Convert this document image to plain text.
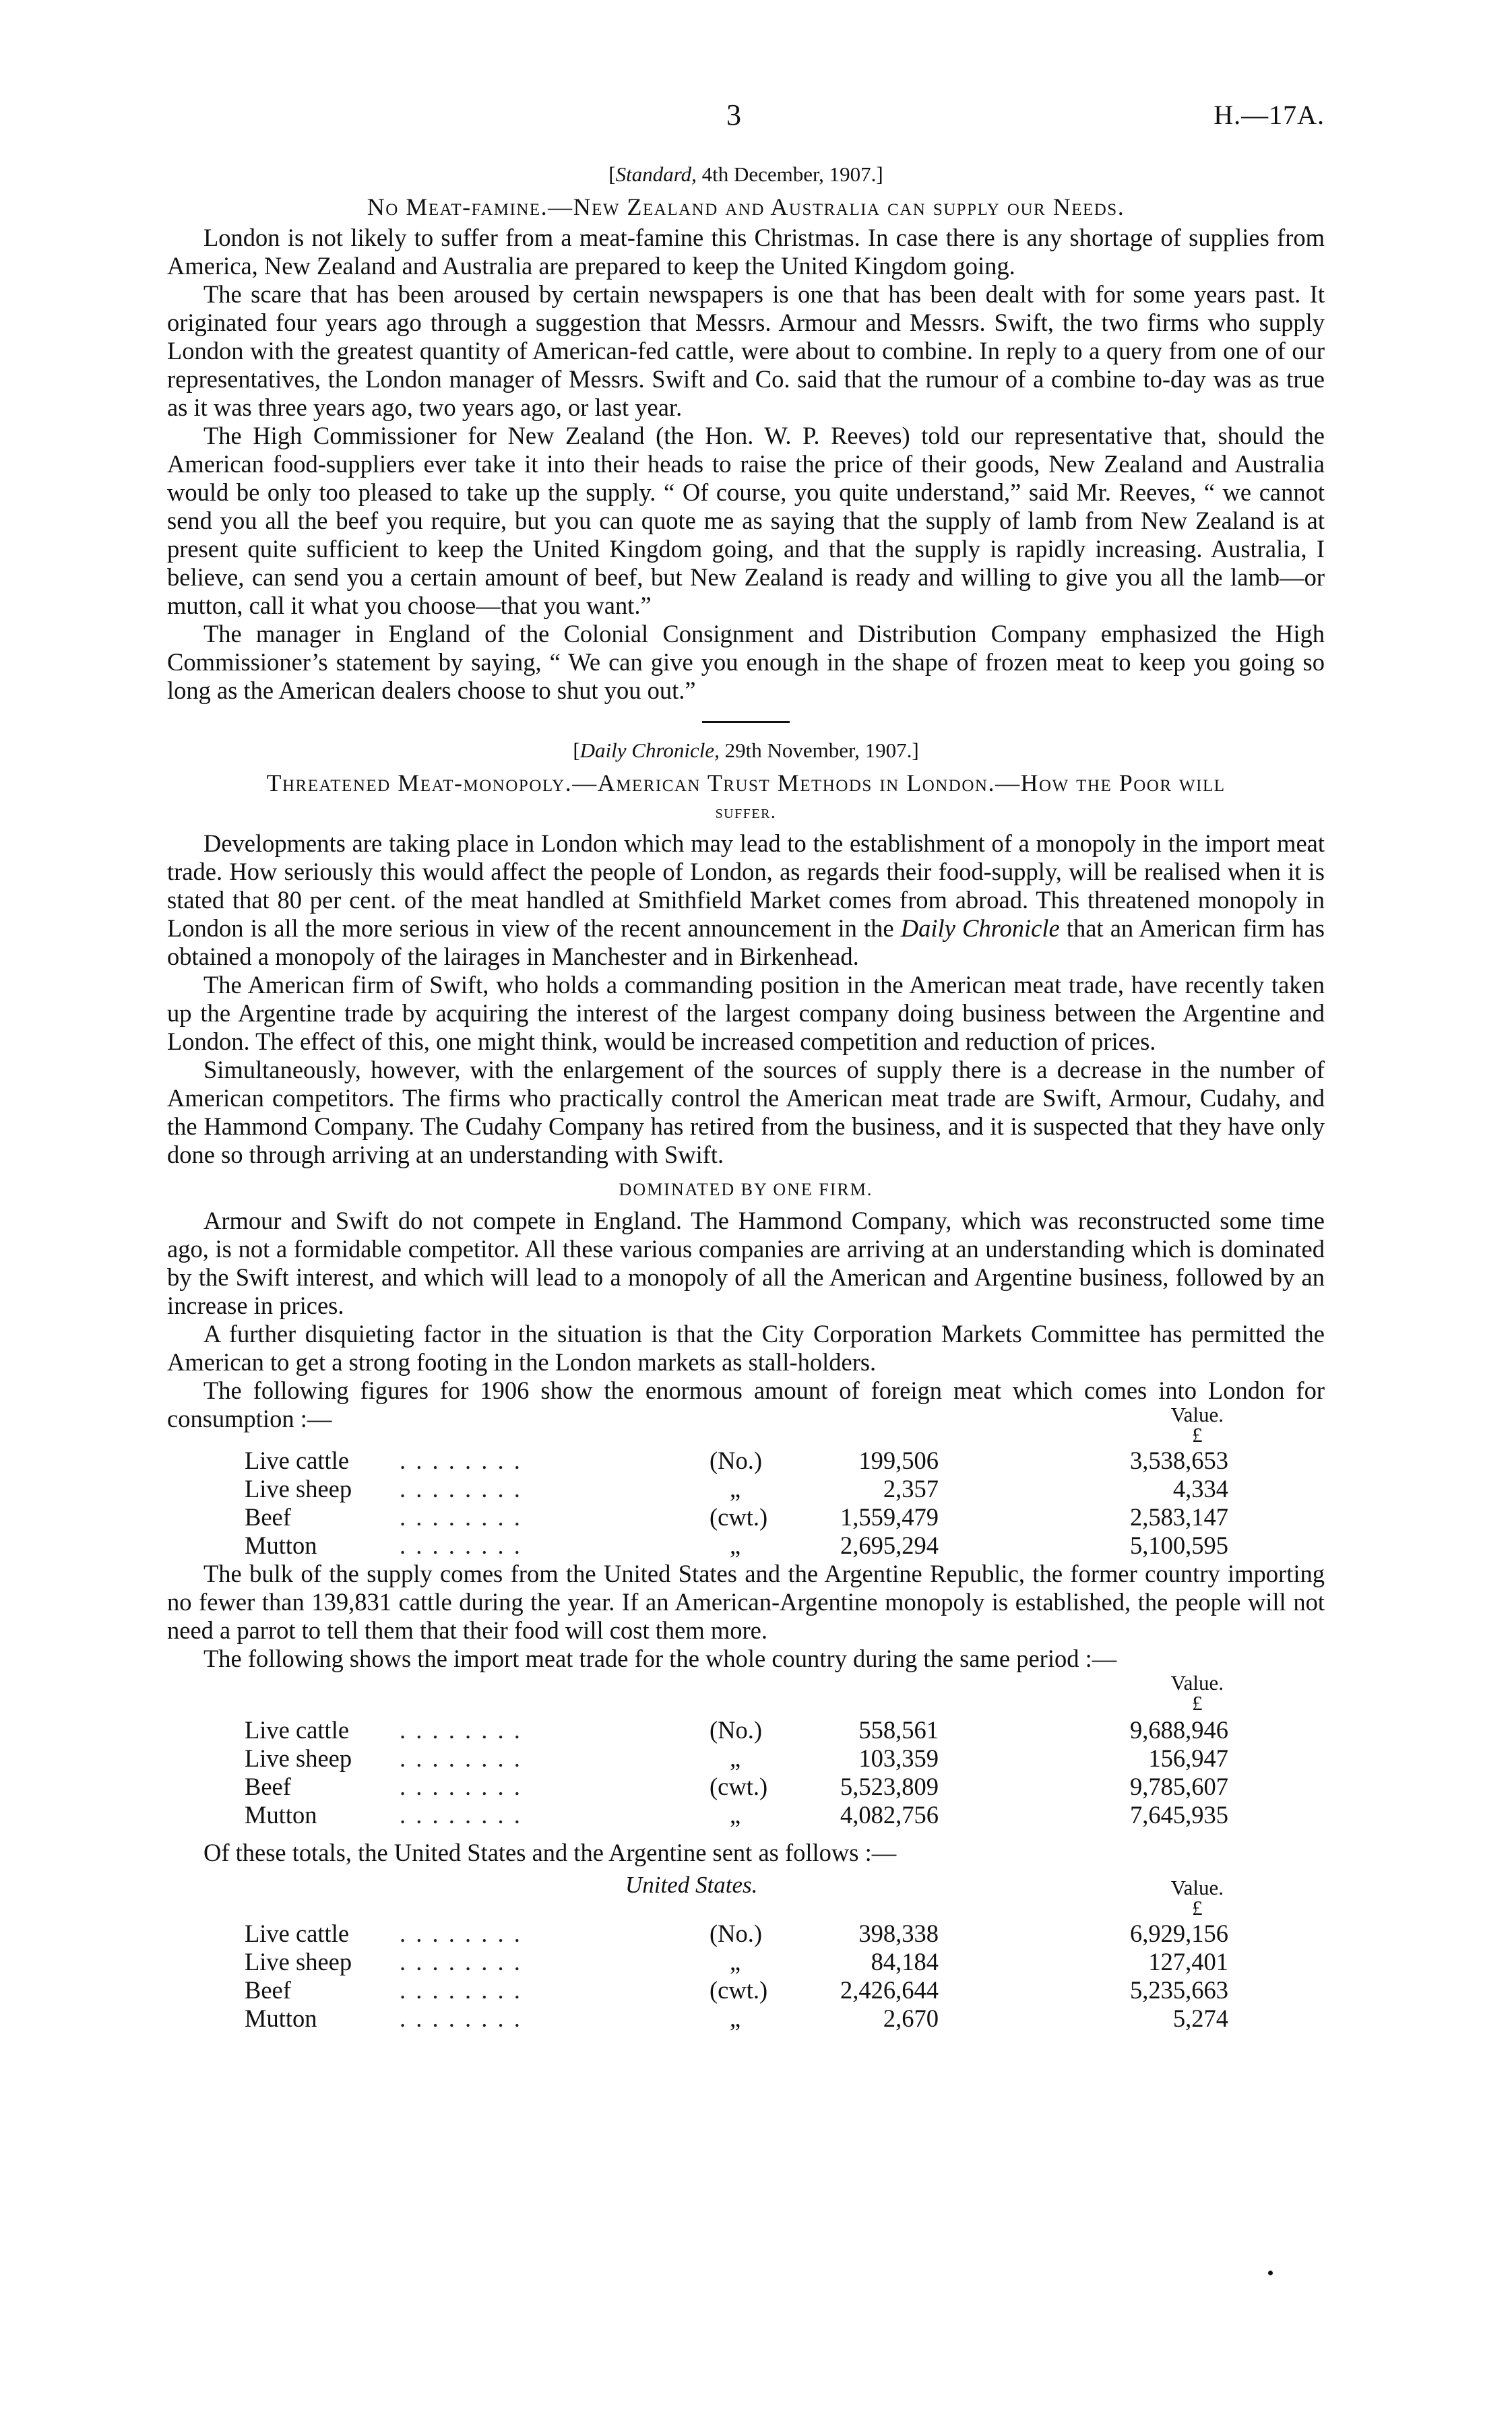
3	H.—17A.
[Standard, 4th December, 1907.]
No Meat-famine.—New Zealand and Australia can supply our Needs.

London is not likely to suffer from a meat-famine this Christmas. In case there is any shortage of supplies from America, New Zealand and Australia are prepared to keep the United Kingdom going.

The scare that has been aroused by certain newspapers is one that has been dealt with for some years past. It originated four years ago through a suggestion that Messrs. Armour and Messrs. Swift, the two firms who supply London with the greatest quantity of American-fed cattle, were about to combine. In reply to a query from one of our representatives, the London manager of Messrs. Swift and Co. said that the rumour of a combine to-day was as true as it was three years ago, two years ago, or last year.

The High Commissioner for New Zealand (the Hon. W. P. Reeves) told our representative that, should the American food-suppliers ever take it into their heads to raise the price of their goods, New Zealand and Australia would be only too pleased to take up the supply. “ Of course, you quite understand,” said Mr. Reeves, “ we cannot send you all the beef you require, but you can quote me as saying that the supply of lamb from New Zealand is at present quite sufficient to keep the United Kingdom going, and that the supply is rapidly increasing. Australia, I believe, can send you a certain amount of beef, but New Zealand is ready and willing to give you all the lamb—or mutton, call it what you choose—that you want.”

The manager in England of the Colonial Consignment and Distribution Company emphasized the High Commissioner’s statement by saying, “ We can give you enough in the shape of frozen meat to keep you going so long as the American dealers choose to shut you out.”

[Daily Chronicle, 29th November, 1907.]
Threatened Meat-monopoly.—American Trust Methods in London.—How the Poor will
suffer.

Developments are taking place in London which may lead to the establishment of a monopoly in the import meat trade. How seriously this would affect the people of London, as regards their food-supply, will be realised when it is stated that 80 per cent. of the meat handled at Smithfield Market comes from abroad. This threatened monopoly in London is all the more serious in view of the recent announcement in the Daily Chronicle that an American firm has obtained a monopoly of the lairages in Manchester and in Birkenhead.

The American firm of Swift, who holds a commanding position in the American meat trade, have recently taken up the Argentine trade by acquiring the interest of the largest company doing business between the Argentine and London. The effect of this, one might think, would be increased competition and reduction of prices.

Simultaneously, however, with the enlargement of the sources of supply there is a decrease in the number of American competitors. The firms who practically control the American meat trade are Swift, Armour, Cudahy, and the Hammond Company. The Cudahy Company has retired from the business, and it is suspected that they have only done so through arriving at an understanding with Swift.

DOMINATED BY ONE FIRM.

Armour and Swift do not compete in England. The Hammond Company, which was reconstructed some time ago, is not a formidable competitor. All these various companies are arriving at an understanding which is dominated by the Swift interest, and which will lead to a monopoly of all the American and Argentine business, followed by an increase in prices.

A further disquieting factor in the situation is that the City Corporation Markets Committee has permitted the American to get a strong footing in the London markets as stall-holders.

The following figures for 1906 show the enormous amount of foreign meat which comes into London for consumption :—	Value.
£
Live cattle	. . . . . . . .	(No.)	199,506	3,538,653
Live sheep	. . . . . . . .	„	2,357	4,334
Beef	. . . . . . . .	(cwt.)	1,559,479	2,583,147
Mutton	. . . . . . . .	„	2,695,294	5,100,595

The bulk of the supply comes from the United States and the Argentine Republic, the former country importing no fewer than 139,831 cattle during the year. If an American-Argentine monopoly is established, the people will not need a parrot to tell them that their food will cost them more.

The following shows the import meat trade for the whole country during the same period :—

Value.
£
Live cattle	. . . . . . . .	(No.)	558,561	9,688,946
Live sheep	. . . . . . . .	„	103,359	156,947
Beef	. . . . . . . .	(cwt.)	5,523,809	9,785,607
Mutton	. . . . . . . .	„	4,082,756	7,645,935

Of these totals, the United States and the Argentine sent as follows :—

United States.	Value.
£
Live cattle	. . . . . . . .	(No.)	398,338	6,929,156
Live sheep	. . . . . . . .	„	84,184	127,401
Beef	. . . . . . . .	(cwt.)	2,426,644	5,235,663
Mutton	. . . . . . . .	„	2,670	5,274
